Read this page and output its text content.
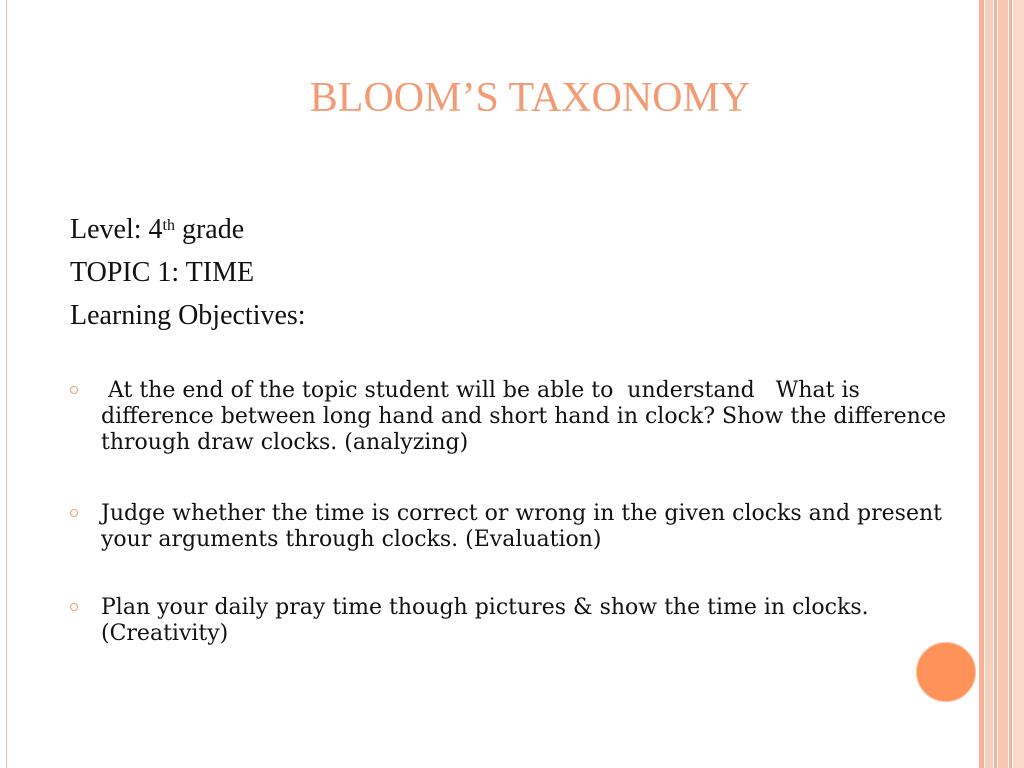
BLOOM’S TAXONOMY
Level: 4th grade
TOPIC 1: TIME
Learning Objectives:
At the end of the topic student will be able to  understand   What is difference between long hand and short hand in clock? Show the difference through draw clocks. (analyzing)
Judge whether the time is correct or wrong in the given clocks and present your arguments through clocks. (Evaluation)
Plan your daily pray time though pictures & show the time in clocks. (Creativity)
